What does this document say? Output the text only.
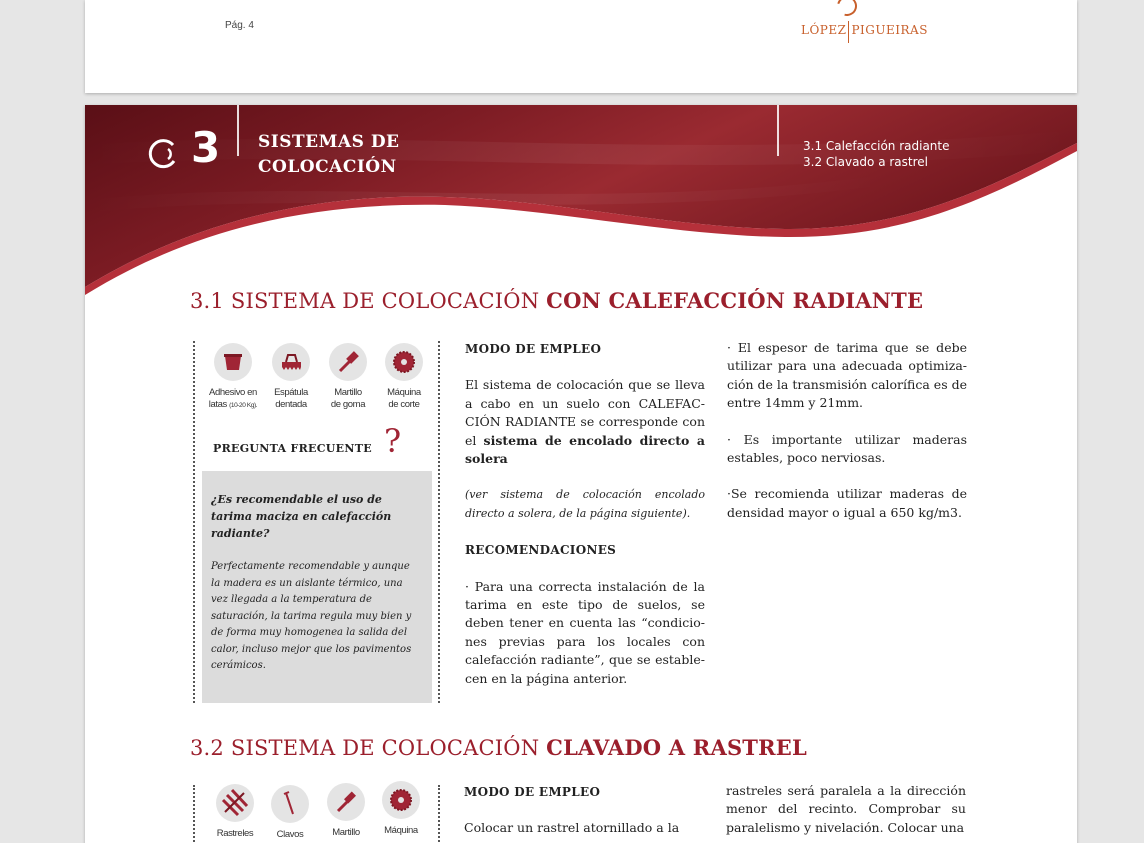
Pág. 4	LÓPEZ PIGUEIRAS
3 SISTEMAS DE
COLOCACIÓN
3.1 Calefacción radiante
3.2 Clavado a rastrel
3.1 SISTEMA DE COLOCACIÓN CON CALEFACCIÓN RADIANTE
Adhesivo en
latas (10-20 Kg).
Espátula
dentada
Martillo
de goma
Máquina
de corte
PREGUNTA FRECUENTE ?
¿Es recomendable el uso de tarima maciza en calefacción radiante?
Perfectamente recomendable y aunque la madera es un aislante térmico, una vez llegada a la temperatura de saturación, la tarima regula muy bien y de forma muy homogenea la salida del calor, incluso mejor que los pavimentos cerámicos.

MODO DE EMPLEO

El sistema de colocación que se lleva a cabo en un suelo con CALEFAC-CIÓN RADIANTE se corresponde con el sistema de encolado directo a solera

(ver sistema de colocación encolado directo a solera, de la página siguiente).

RECOMENDACIONES

· Para una correcta instalación de la tarima en este tipo de suelos, se deben tener en cuenta las “condicio-nes previas para los locales con calefacción radiante”, que se estable-cen en la página anterior.

· El espesor de tarima que se debe utilizar para una adecuada optimiza-ción de la transmisión calorífica es de entre 14mm y 21mm.

· Es importante utilizar maderas estables, poco nerviosas.

·Se recomienda utilizar maderas de densidad mayor o igual a 650 kg/m3.

3.2 SISTEMA DE COLOCACIÓN CLAVADO A RASTREL
Rastreles	Clavos	Martillo	Máquina

MODO DE EMPLEO

Colocar un rastrel atornillado a la

rastreles será paralela a la dirección menor del recinto. Comprobar su paralelismo y nivelación. Colocar una
